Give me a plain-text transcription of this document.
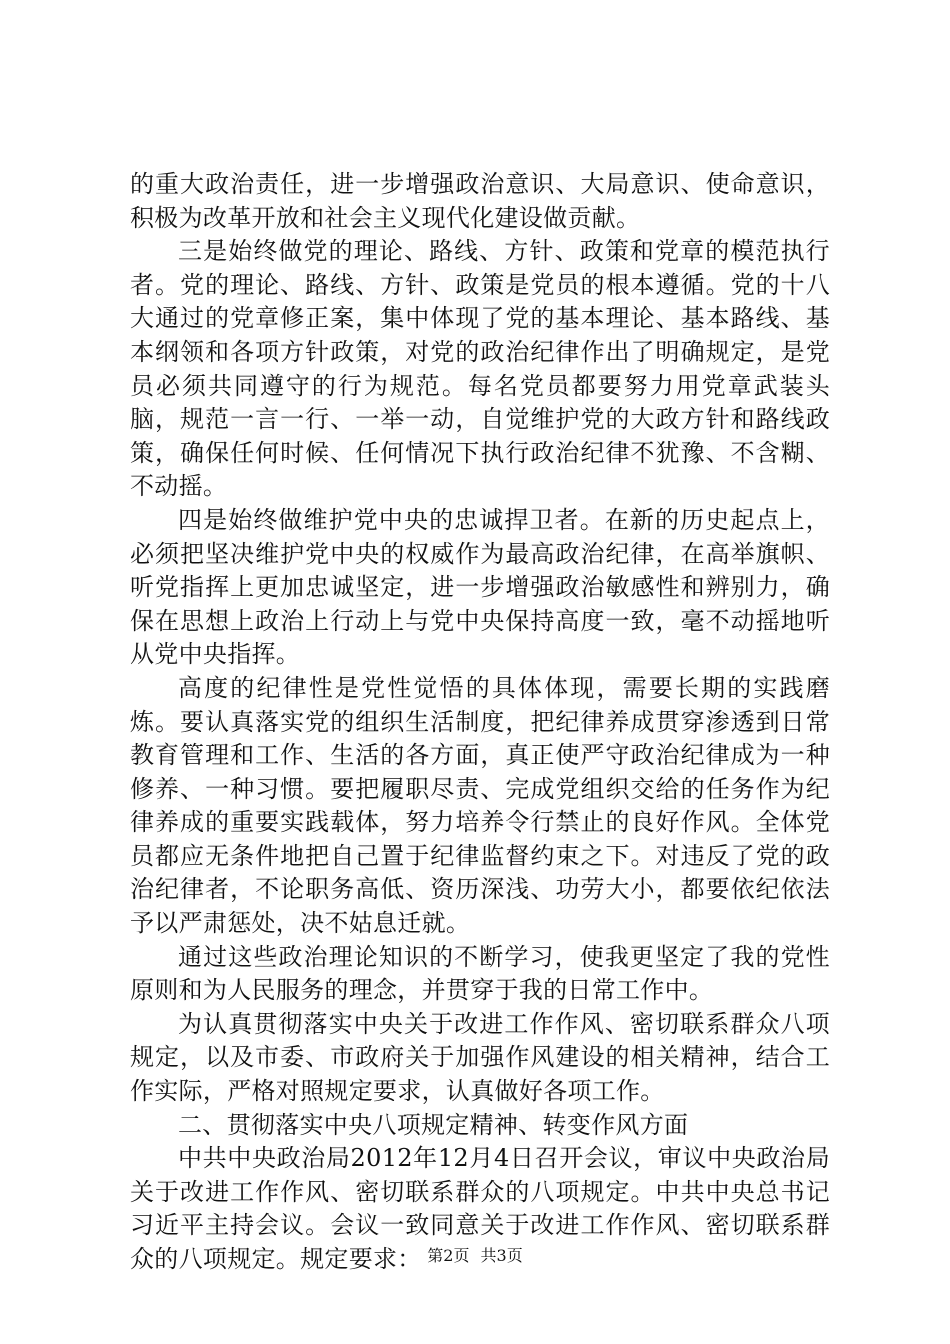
的重大政治责任，进一步增强政治意识、大局意识、使命意识，积极为改革开放和社会主义现代化建设做贡献。

三是始终做党的理论、路线、方针、政策和党章的模范执行者。党的理论、路线、方针、政策是党员的根本遵循。党的十八大通过的党章修正案，集中体现了党的基本理论、基本路线、基本纲领和各项方针政策，对党的政治纪律作出了明确规定，是党员必须共同遵守的行为规范。每名党员都要努力用党章武装头脑，规范一言一行、一举一动，自觉维护党的大政方针和路线政策，确保任何时候、任何情况下执行政治纪律不犹豫、不含糊、不动摇。

四是始终做维护党中央的忠诚捍卫者。在新的历史起点上，必须把坚决维护党中央的权威作为最高政治纪律，在高举旗帜、听党指挥上更加忠诚坚定，进一步增强政治敏感性和辨别力，确保在思想上政治上行动上与党中央保持高度一致，毫不动摇地听从党中央指挥。

高度的纪律性是党性觉悟的具体体现，需要长期的实践磨炼。要认真落实党的组织生活制度，把纪律养成贯穿渗透到日常教育管理和工作、生活的各方面，真正使严守政治纪律成为一种修养、一种习惯。要把履职尽责、完成党组织交给的任务作为纪律养成的重要实践载体，努力培养令行禁止的良好作风。全体党员都应无条件地把自己置于纪律监督约束之下。对违反了党的政治纪律者，不论职务高低、资历深浅、功劳大小，都要依纪依法予以严肃惩处，决不姑息迁就。

通过这些政治理论知识的不断学习，使我更坚定了我的党性原则和为人民服务的理念，并贯穿于我的日常工作中。

为认真贯彻落实中央关于改进工作作风、密切联系群众八项规定，以及市委、市政府关于加强作风建设的相关精神，结合工作实际，严格对照规定要求，认真做好各项工作。

二、贯彻落实中央八项规定精神、转变作风方面

中共中央政治局2012年12月4日召开会议，审议中央政治局关于改进工作作风、密切联系群众的八项规定。中共中央总书记习近平主持会议。会议一致同意关于改进工作作风、密切联系群众的八项规定。规定要求： 第2页 共3页
